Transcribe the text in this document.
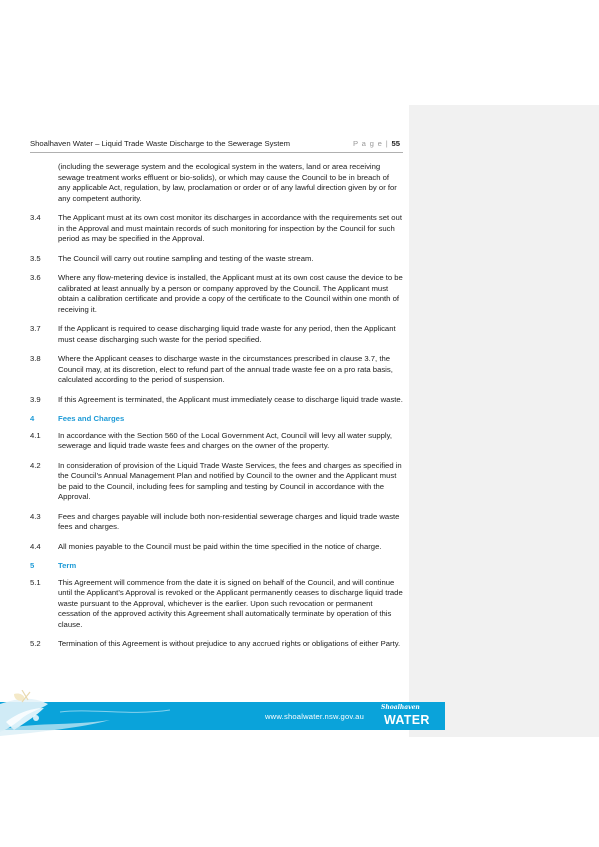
Shoalhaven Water – Liquid Trade Waste Discharge to the Sewerage System	P a g e | 55
(including the sewerage system and the ecological system in the waters, land or area receiving sewage treatment works effluent or bio-solids), or which may cause the Council to be in breach of any applicable Act, regulation, by law, proclamation or order or of any lawful direction given by or for any competent authority.
3.4 The Applicant must at its own cost monitor its discharges in accordance with the requirements set out in the Approval and must maintain records of such monitoring for inspection by the Council for such period as may be specified in the Approval.
3.5 The Council will carry out routine sampling and testing of the waste stream.
3.6 Where any flow-metering device is installed, the Applicant must at its own cost cause the device to be calibrated at least annually by a person or company approved by the Council. The Applicant must obtain a calibration certificate and provide a copy of the certificate to the Council within one month of receiving it.
3.7 If the Applicant is required to cease discharging liquid trade waste for any period, then the Applicant must cease discharging such waste for the period specified.
3.8 Where the Applicant ceases to discharge waste in the circumstances prescribed in clause 3.7, the Council may, at its discretion, elect to refund part of the annual trade waste fee on a pro rata basis, calculated according to the period of suspension.
3.9 If this Agreement is terminated, the Applicant must immediately cease to discharge liquid trade waste.
4	Fees and Charges
4.1 In accordance with the Section 560 of the Local Government Act, Council will levy all water supply, sewerage and liquid trade waste fees and charges on the owner of the property.
4.2 In consideration of provision of the Liquid Trade Waste Services, the fees and charges as specified in the Council’s Annual Management Plan and notified by Council to the owner and the Applicant must be paid to the Council, including fees for sampling and testing by Council in accordance with the Approval.
4.3 Fees and charges payable will include both non-residential sewerage charges and liquid trade waste fees and charges.
4.4 All monies payable to the Council must be paid within the time specified in the notice of charge.
5	Term
5.1 This Agreement will commence from the date it is signed on behalf of the Council, and will continue until the Applicant’s Approval is revoked or the Applicant permanently ceases to discharge liquid trade waste pursuant to the Approval, whichever is the earlier. Upon such revocation or permanent cessation of the approved activity this Agreement shall automatically terminate by operation of this clause.
5.2 Termination of this Agreement is without prejudice to any accrued rights or obligations of either Party.
www.shoalwater.nsw.gov.au
Shoalhaven
WATER
